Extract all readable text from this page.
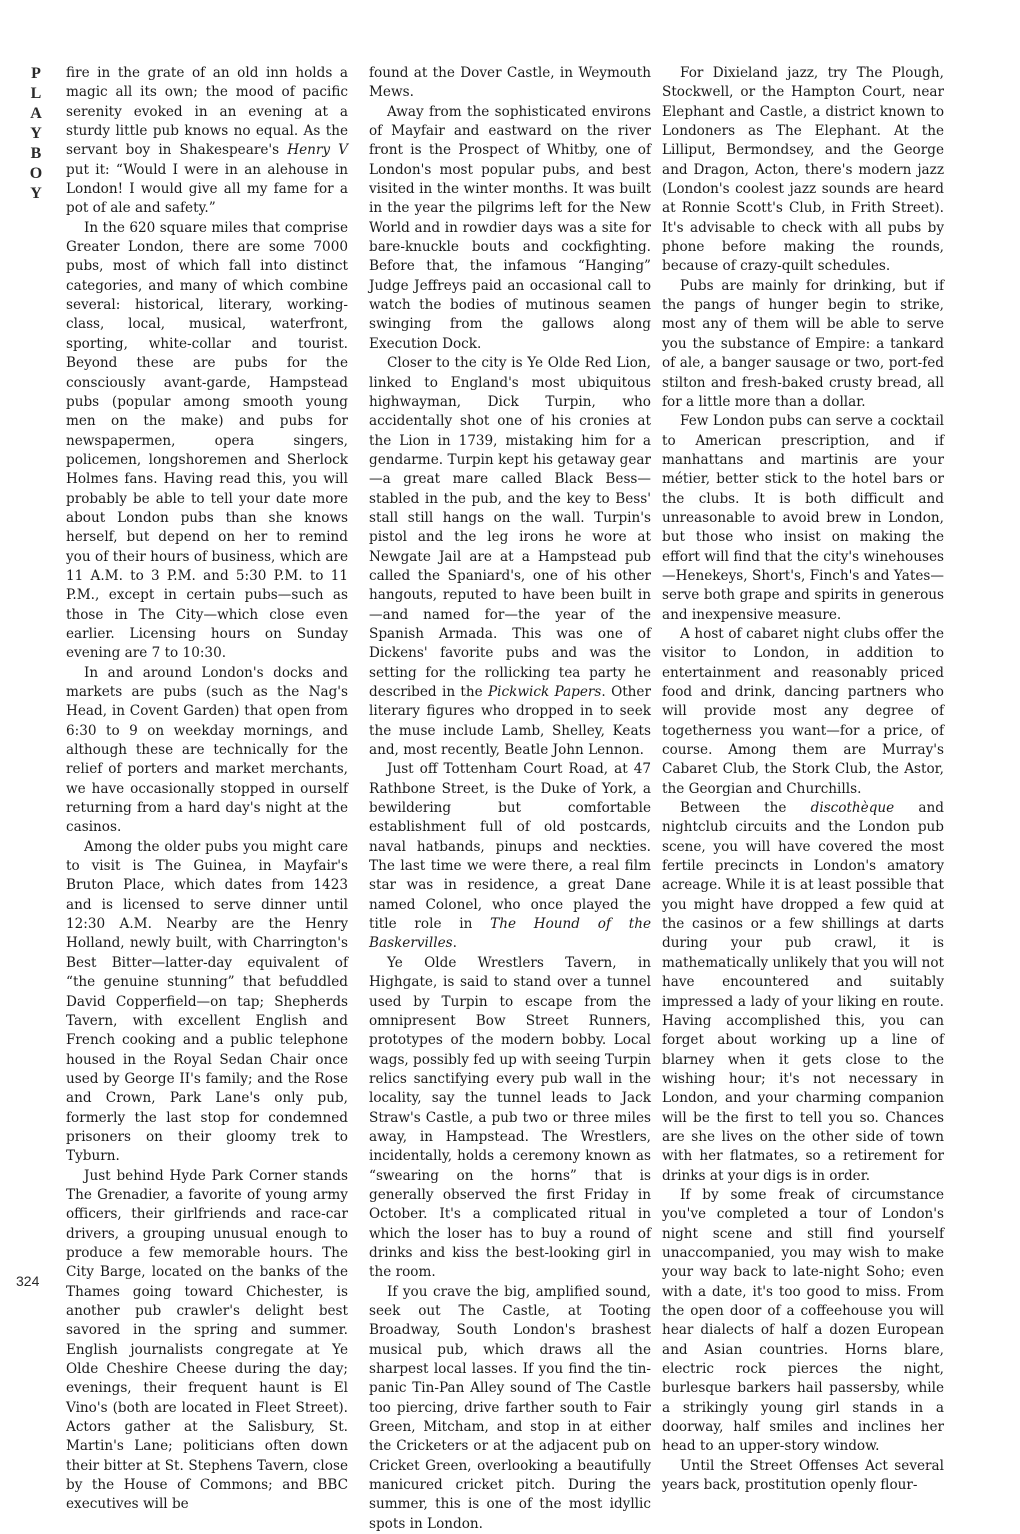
P
L
A
Y
B
O
Y
324

fire in the grate of an old inn holds a magic all its own; the mood of pacific serenity evoked in an evening at a sturdy little pub knows no equal. As the servant boy in Shakespeare's Henry V put it: “Would I were in an alehouse in London! I would give all my fame for a pot of ale and safety.”

In the 620 square miles that comprise Greater London, there are some 7000 pubs, most of which fall into distinct categories, and many of which combine several: historical, literary, working-class, local, musical, waterfront, sporting, white-collar and tourist. Beyond these are pubs for the consciously avant-garde, Hampstead pubs (popular among smooth young men on the make) and pubs for newspapermen, opera singers, policemen, longshoremen and Sherlock Holmes fans. Having read this, you will probably be able to tell your date more about London pubs than she knows herself, but depend on her to remind you of their hours of business, which are 11 A.M. to 3 P.M. and 5:30 P.M. to 11 P.M., except in certain pubs—such as those in The City—which close even earlier. Licensing hours on Sunday evening are 7 to 10:30.

In and around London's docks and markets are pubs (such as the Nag's Head, in Covent Garden) that open from 6:30 to 9 on weekday mornings, and although these are technically for the relief of porters and market merchants, we have occasionally stopped in ourself returning from a hard day's night at the casinos.

Among the older pubs you might care to visit is The Guinea, in Mayfair's Bruton Place, which dates from 1423 and is licensed to serve dinner until 12:30 A.M. Nearby are the Henry Holland, newly built, with Charrington's Best Bitter—latter-day equivalent of “the genuine stunning” that befuddled David Copperfield—on tap; Shepherds Tavern, with excellent English and French cooking and a public telephone housed in the Royal Sedan Chair once used by George II's family; and the Rose and Crown, Park Lane's only pub, formerly the last stop for condemned prisoners on their gloomy trek to Tyburn.

Just behind Hyde Park Corner stands The Grenadier, a favorite of young army officers, their girlfriends and race-car drivers, a grouping unusual enough to produce a few memorable hours. The City Barge, located on the banks of the Thames going toward Chichester, is another pub crawler's delight best savored in the spring and summer. English journalists congregate at Ye Olde Cheshire Cheese during the day; evenings, their frequent haunt is El Vino's (both are located in Fleet Street). Actors gather at the Salisbury, St. Martin's Lane; politicians often down their bitter at St. Stephens Tavern, close by the House of Commons; and BBC executives will be

found at the Dover Castle, in Weymouth Mews.

Away from the sophisticated environs of Mayfair and eastward on the river front is the Prospect of Whitby, one of London's most popular pubs, and best visited in the winter months. It was built in the year the pilgrims left for the New World and in rowdier days was a site for bare-knuckle bouts and cockfighting. Before that, the infamous “Hanging” Judge Jeffreys paid an occasional call to watch the bodies of mutinous seamen swinging from the gallows along Execution Dock.

Closer to the city is Ye Olde Red Lion, linked to England's most ubiquitous highwayman, Dick Turpin, who accidentally shot one of his cronies at the Lion in 1739, mistaking him for a gendarme. Turpin kept his getaway gear—a great mare called Black Bess—stabled in the pub, and the key to Bess' stall still hangs on the wall. Turpin's pistol and the leg irons he wore at Newgate Jail are at a Hampstead pub called the Spaniard's, one of his other hangouts, reputed to have been built in—and named for—the year of the Spanish Armada. This was one of Dickens' favorite pubs and was the setting for the rollicking tea party he described in the Pickwick Papers. Other literary figures who dropped in to seek the muse include Lamb, Shelley, Keats and, most recently, Beatle John Lennon.

Just off Tottenham Court Road, at 47 Rathbone Street, is the Duke of York, a bewildering but comfortable establishment full of old postcards, naval hatbands, pinups and neckties. The last time we were there, a real film star was in residence, a great Dane named Colonel, who once played the title role in The Hound of the Baskervilles.

Ye Olde Wrestlers Tavern, in Highgate, is said to stand over a tunnel used by Turpin to escape from the omnipresent Bow Street Runners, prototypes of the modern bobby. Local wags, possibly fed up with seeing Turpin relics sanctifying every pub wall in the locality, say the tunnel leads to Jack Straw's Castle, a pub two or three miles away, in Hampstead. The Wrestlers, incidentally, holds a ceremony known as “swearing on the horns” that is generally observed the first Friday in October. It's a complicated ritual in which the loser has to buy a round of drinks and kiss the best-looking girl in the room.

If you crave the big, amplified sound, seek out The Castle, at Tooting Broadway, South London's brashest musical pub, which draws all the sharpest local lasses. If you find the tin-panic Tin-Pan Alley sound of The Castle too piercing, drive farther south to Fair Green, Mitcham, and stop in at either the Cricketers or at the adjacent pub on Cricket Green, overlooking a beautifully manicured cricket pitch. During the summer, this is one of the most idyllic spots in London.

For Dixieland jazz, try The Plough, Stockwell, or the Hampton Court, near Elephant and Castle, a district known to Londoners as The Elephant. At the Lilliput, Bermondsey, and the George and Dragon, Acton, there's modern jazz (London's coolest jazz sounds are heard at Ronnie Scott's Club, in Frith Street). It's advisable to check with all pubs by phone before making the rounds, because of crazy-quilt schedules.

Pubs are mainly for drinking, but if the pangs of hunger begin to strike, most any of them will be able to serve you the substance of Empire: a tankard of ale, a banger sausage or two, port-fed stilton and fresh-baked crusty bread, all for a little more than a dollar.

Few London pubs can serve a cocktail to American prescription, and if manhattans and martinis are your métier, better stick to the hotel bars or the clubs. It is both difficult and unreasonable to avoid brew in London, but those who insist on making the effort will find that the city's winehouses—Henekeys, Short's, Finch's and Yates—serve both grape and spirits in generous and inexpensive measure.

A host of cabaret night clubs offer the visitor to London, in addition to entertainment and reasonably priced food and drink, dancing partners who will provide most any degree of togetherness you want—for a price, of course. Among them are Murray's Cabaret Club, the Stork Club, the Astor, the Georgian and Churchills.

Between the discothèque and nightclub circuits and the London pub scene, you will have covered the most fertile precincts in London's amatory acreage. While it is at least possible that you might have dropped a few quid at the casinos or a few shillings at darts during your pub crawl, it is mathematically unlikely that you will not have encountered and suitably impressed a lady of your liking en route. Having accomplished this, you can forget about working up a line of blarney when it gets close to the wishing hour; it's not necessary in London, and your charming companion will be the first to tell you so. Chances are she lives on the other side of town with her flatmates, so a retirement for drinks at your digs is in order.

If by some freak of circumstance you've completed a tour of London's night scene and still find yourself unaccompanied, you may wish to make your way back to late-night Soho; even with a date, it's too good to miss. From the open door of a coffeehouse you will hear dialects of half a dozen European and Asian countries. Horns blare, electric rock pierces the night, burlesque barkers hail passersby, while a strikingly young girl stands in a doorway, half smiles and inclines her head to an upper-story window.

Until the Street Offenses Act several years back, prostitution openly flour-
